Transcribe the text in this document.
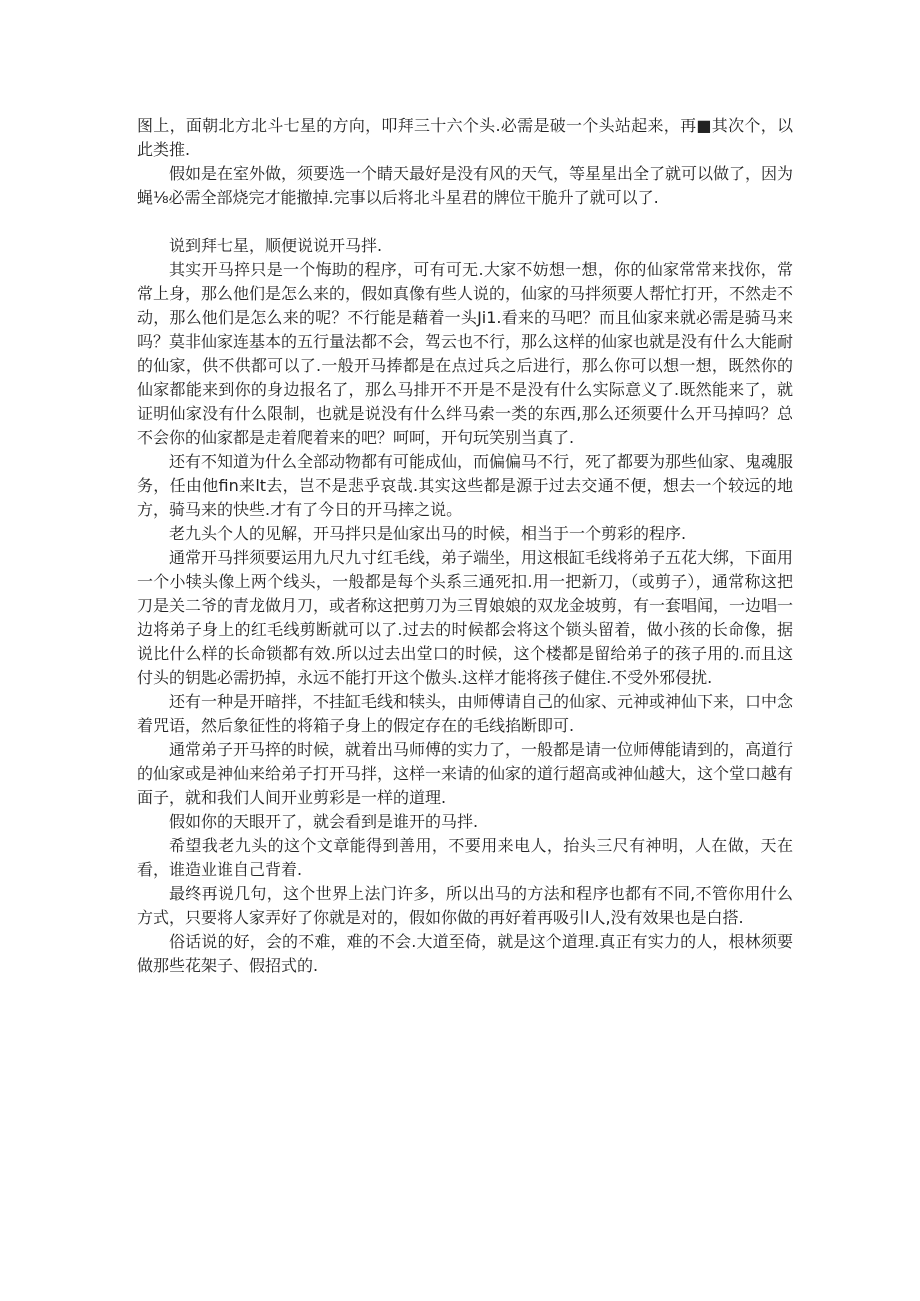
图上，面朝北方北斗七星的方向，叩拜三十六个头.必需是破一个头站起来，再■其次个，以此类推.

假如是在室外做，须要选一个睛天最好是没有风的天气，等星星出全了就可以做了，因为蝇⅛必需全部烧完才能撤掉.完事以后将北斗星君的牌位干脆升了就可以了.

说到拜七星，顺便说说开马拌.

其实开马捽只是一个悔助的程序，可有可无.大家不妨想一想，你的仙家常常来找你，常常上身，那么他们是怎么来的，假如真像有些人说的，仙家的马拌须要人帮忙打开，不然走不动，那么他们是怎么来的呢？不行能是藉着一头Ji1.看来的马吧？而且仙家来就必需是骑马来吗？莫非仙家连基本的五行量法都不会，驾云也不行，那么这样的仙家也就是没有什么大能耐的仙家，供不供都可以了.一般开马捧都是在点过兵之后进行，那么你可以想一想，既然你的仙家都能来到你的身边报名了，那么马排开不开是不是没有什么实际意义了.既然能来了，就证明仙家没有什么限制，也就是说没有什么绊马索一类的东西,那么还须要什么开马掉吗？总不会你的仙家都是走着爬着来的吧？呵呵，开句玩笑别当真了.

还有不知道为什么全部动物都有可能成仙，而偏偏马不行，死了都要为那些仙家、鬼魂服务，任由他fin来lt去，岂不是悲乎哀哉.其实这些都是源于过去交通不便，想去一个较远的地方，骑马来的快些.才有了今日的开马摔之说。

老九头个人的见解，开马拌只是仙家出马的时候，相当于一个剪彩的程序.

通常开马拌须要运用九尺九寸红毛线，弟子端坐，用这根缸毛线将弟子五花大绑，下面用一个小犊头像上两个线头，一般都是每个头系三通死扣.用一把新刀，（或剪子），通常称这把刀是关二爷的青龙做月刀，或者称这把剪刀为三胃娘娘的双龙金坡剪，有一套唱闻，一边唱一边将弟子身上的红毛线剪断就可以了.过去的时候都会将这个锁头留着，做小孩的长命像，据说比什么样的长命锁都有效.所以过去出堂口的时候，这个楼都是留给弟子的孩子用的.而且这付头的钥匙必需扔掉，永远不能打开这个傲头.这样才能将孩子健住.不受外邪侵扰.

还有一种是开暗拌，不挂缸毛线和犊头，由师傅请自己的仙家、元神或神仙下来，口中念着咒语，然后象征性的将箱子身上的假定存在的毛线掐断即可.

通常弟子开马捽的时候，就着出马师傅的实力了，一般都是请一位师傅能请到的，高道行的仙家或是神仙来给弟子打开马拌，这样一来请的仙家的道行超高或神仙越大，这个堂口越有面子，就和我们人间开业剪彩是一样的道理.

假如你的天眼开了，就会看到是谁开的马拌.

希望我老九头的这个文章能得到善用，不要用来电人，抬头三尺有神明，人在做，天在看，谁造业谁自己背着.

最终再说几句，这个世界上法门许多，所以出马的方法和程序也都有不同,不管你用什么方式，只要将人家弄好了你就是对的，假如你做的再好着再吸引l人,没有效果也是白搭.

俗话说的好，会的不难，难的不会.大道至倚，就是这个道理.真正有实力的人，根林须要做那些花架子、假招式的.
